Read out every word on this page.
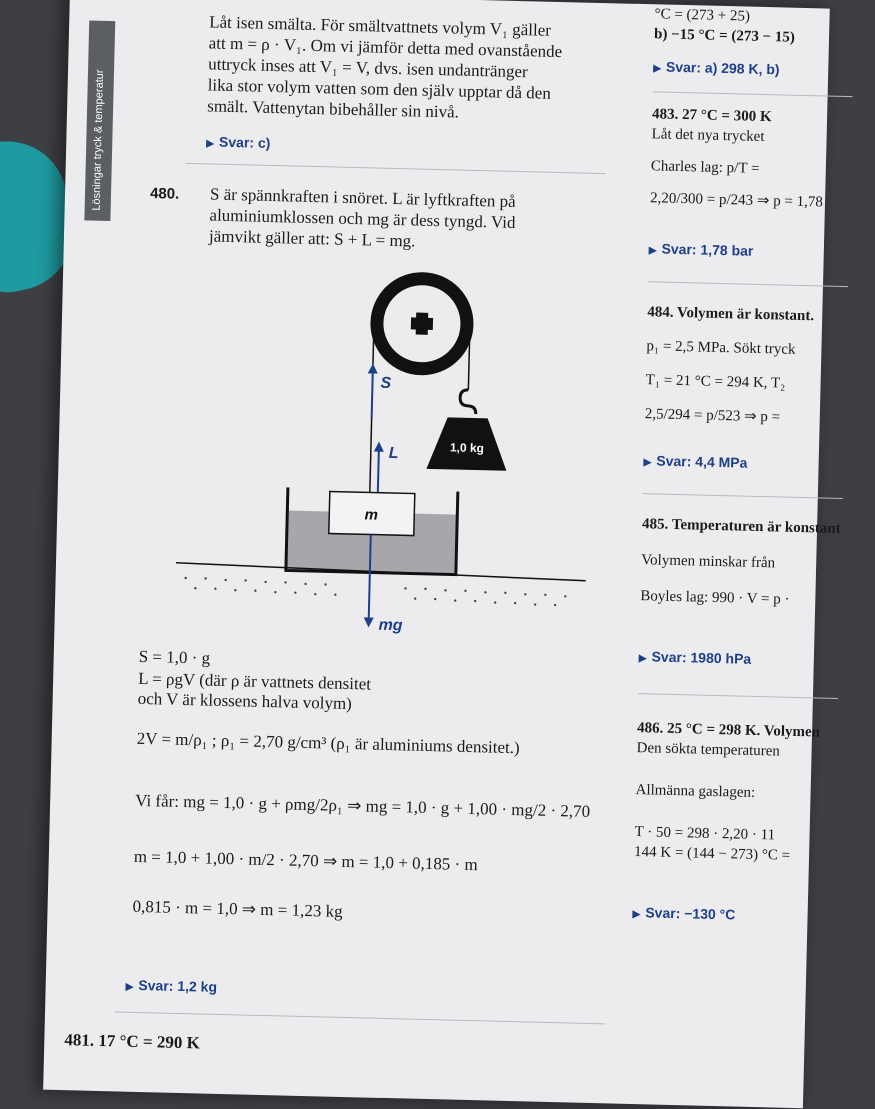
Lösningar tryck & temperatur
Låt isen smälta. För smältvattnets volym V₁ gäller
att m = ρ · V₁. Om vi jämför detta med ovanstående
uttryck inses att V₁ = V, dvs. isen undantränger
lika stor volym vatten som den själv upptar då den
smält. Vattenytan bibehåller sin nivå.
▶ Svar: c)
480. S är spännkraften i snöret. L är lyftkraften på
aluminiumklossen och mg är dess tyngd. Vid
jämvikt gäller att: S + L = mg.
1,0 kg
S
L
m
mg
S = 1,0 · g
L = ρgV (där ρ är vattnets densitet
och V är klossens halva volym)
2V = m/ρ₁ ; ρ₁ = 2,70 g/cm³ (ρ₁ är aluminiums densitet.)
Vi får: mg = 1,0 · g + ρmg/2ρ₁ ⇒ mg = 1,0 · g + 1,00 · mg/2 · 2,70
m = 1,0 + 1,00 · m/2 · 2,70 ⇒ m = 1,0 + 0,185 · m
0,815 · m = 1,0 ⇒ m = 1,23 kg
▶ Svar: 1,2 kg
481. 17 °C = 290 K
°C = (273 + 25)
b) −15 °C = (273 − 15)
▶ Svar: a) 298 K, b)
483. 27 °C = 300 K
Låt det nya trycket
Charles lag: p/T =
2,20/300 = p/243 ⇒ p = 1,78
▶ Svar: 1,78 bar
484. Volymen är konstant.
p₁ = 2,5 MPa. Sökt tryck
T₁ = 21 °C = 294 K, T₂
2,5/294 = p/523 ⇒ p =
▶ Svar: 4,4 MPa
485. Temperaturen är konstant
Volymen minskar från
Boyles lag: 990 · V = p ·
▶ Svar: 1980 hPa
486. 25 °C = 298 K. Volymen
Den sökta temperaturen
Allmänna gaslagen:
T · 50 = 298 · 2,20 · 11
144 K = (144 − 273) °C =
▶ Svar: −130 °C
